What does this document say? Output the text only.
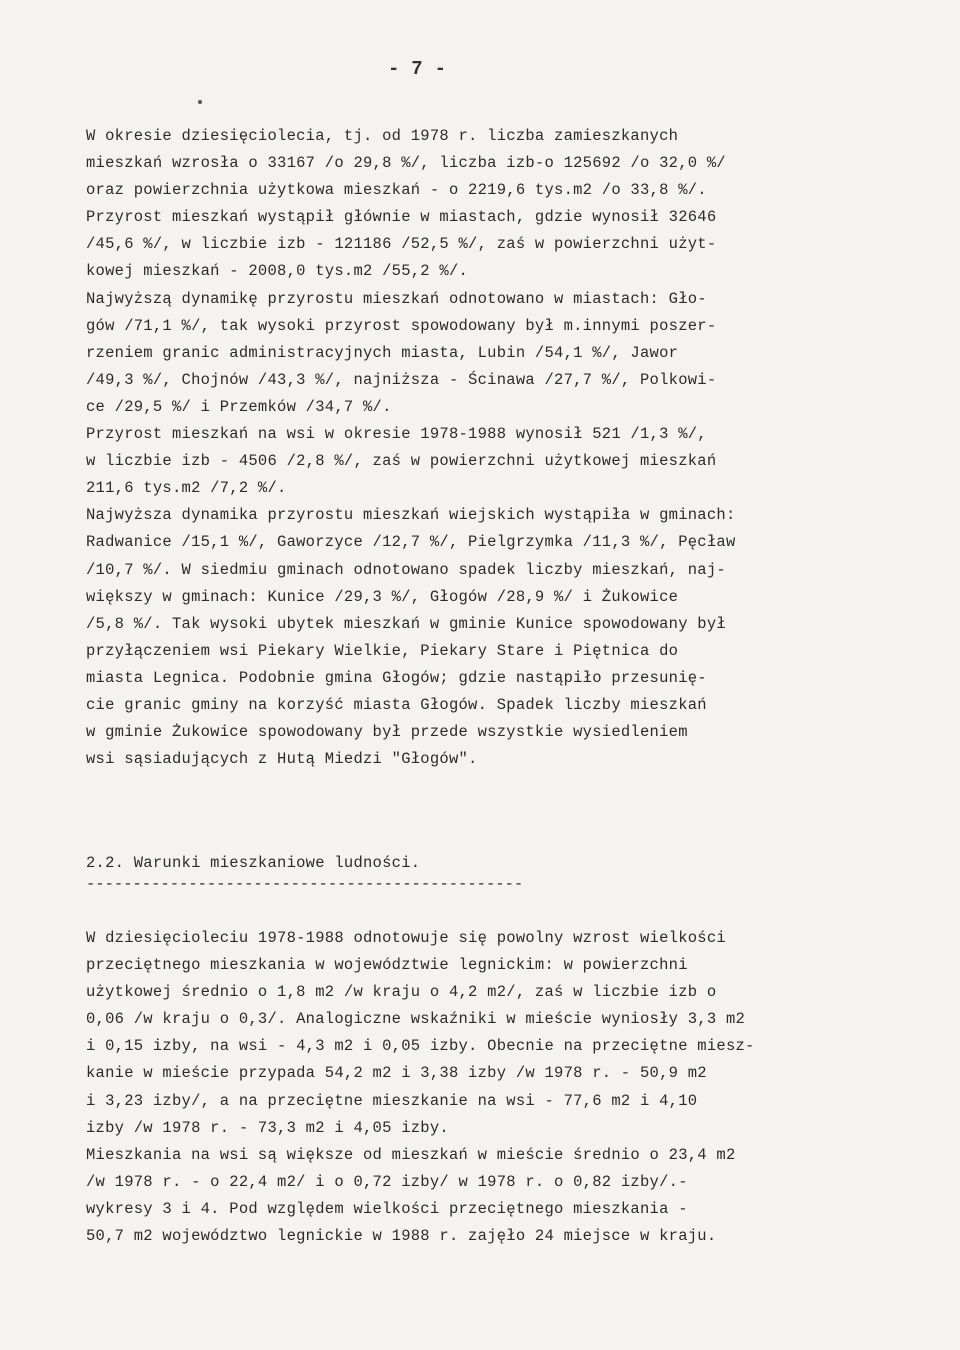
- 7 -
W okresie dziesięciolecia, tj. od 1978 r. liczba zamieszkanych
mieszkań wzrosła o 33167 /o 29,8 %/, liczba izb-o 125692 /o 32,0 %/
oraz powierzchnia użytkowa mieszkań - o 2219,6 tys.m2 /o 33,8 %/.
Przyrost mieszkań wystąpił głównie w miastach, gdzie wynosił 32646
/45,6 %/, w liczbie izb - 121186 /52,5 %/, zaś w powierzchni użyt-
kowej mieszkań - 2008,0 tys.m2 /55,2 %/.
Najwyższą dynamikę przyrostu mieszkań odnotowano w miastach: Gło-
gów /71,1 %/, tak wysoki przyrost spowodowany był m.innymi poszer-
rzeniem granic administracyjnych miasta, Lubin /54,1 %/, Jawor
/49,3 %/, Chojnów /43,3 %/, najniższa - Ścinawa /27,7 %/, Polkowi-
ce /29,5 %/ i Przemków /34,7 %/.
Przyrost mieszkań na wsi w okresie 1978-1988 wynosił 521 /1,3 %/,
w liczbie izb - 4506 /2,8 %/, zaś w powierzchni użytkowej mieszkań
211,6 tys.m2 /7,2 %/.
Najwyższa dynamika przyrostu mieszkań wiejskich wystąpiła w gminach:
Radwanice /15,1 %/, Gaworzyce /12,7 %/, Pielgrzymka /11,3 %/, Pęcław
/10,7 %/. W siedmiu gminach odnotowano spadek liczby mieszkań, naj-
większy w gminach: Kunice /29,3 %/, Głogów /28,9 %/ i Żukowice
/5,8 %/. Tak wysoki ubytek mieszkań w gminie Kunice spowodowany był
przyłączeniem wsi Piekary Wielkie, Piekary Stare i Piętnica do
miasta Legnica. Podobnie gmina Głogów; gdzie nastąpiło przesunię-
cie granic gminy na korzyść miasta Głogów. Spadek liczby mieszkań
w gminie Żukowice spowodowany był przede wszystkie wysiedleniem
wsi sąsiadujących z Hutą Miedzi "Głogów".
2.2. Warunki mieszkaniowe ludności.
-----------------------------------------------
W dziesięcioleciu 1978-1988 odnotowuje się powolny wzrost wielkości
przeciętnego mieszkania w województwie legnickim: w powierzchni
użytkowej średnio o 1,8 m2 /w kraju o 4,2 m2/, zaś w liczbie izb o
0,06 /w kraju o 0,3/. Analogiczne wskaźniki w mieście wyniosły 3,3 m2
i 0,15 izby, na wsi - 4,3 m2 i 0,05 izby. Obecnie na przeciętne miesz-
kanie w mieście przypada 54,2 m2 i 3,38 izby /w 1978 r. - 50,9 m2
i 3,23 izby/, a na przeciętne mieszkanie na wsi - 77,6 m2 i 4,10
izby /w 1978 r. - 73,3 m2 i 4,05 izby.
Mieszkania na wsi są większe od mieszkań w mieście średnio o 23,4 m2
/w 1978 r. - o 22,4 m2/ i o 0,72 izby/ w 1978 r. o 0,82 izby/.-
wykresy 3 i 4. Pod względem wielkości przeciętnego mieszkania -
50,7 m2 województwo legnickie w 1988 r. zajęło 24 miejsce w kraju.
